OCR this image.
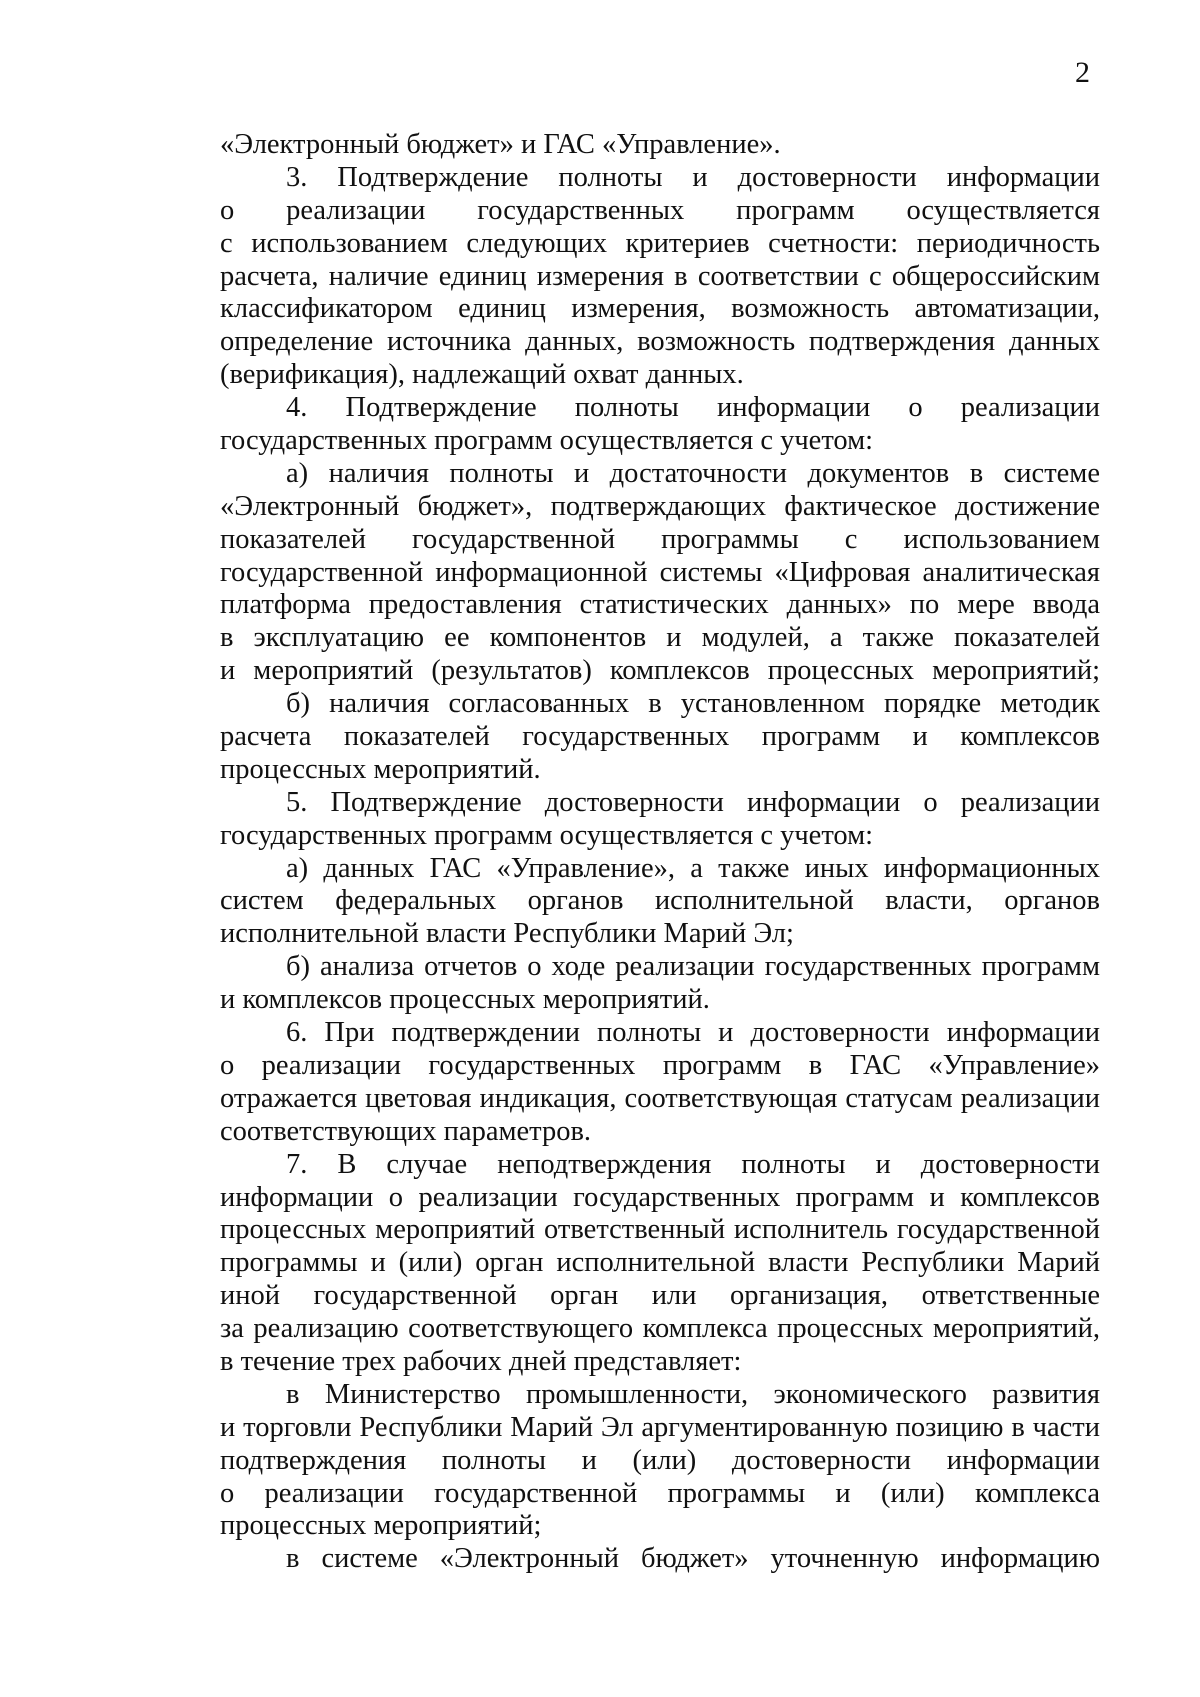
2
«Электронный бюджет» и ГАС «Управление».
3. Подтверждение полноты и достоверности информации
о реализации государственных программ осуществляется
с использованием следующих критериев счетности: периодичность
расчета, наличие единиц измерения в соответствии с общероссийским
классификатором единиц измерения, возможность автоматизации,
определение источника данных, возможность подтверждения данных
(верификация), надлежащий охват данных.
4. Подтверждение полноты информации о реализации
государственных программ осуществляется с учетом:
а) наличия полноты и достаточности документов в системе
«Электронный бюджет», подтверждающих фактическое достижение
показателей государственной программы с использованием
государственной информационной системы «Цифровая аналитическая
платформа предоставления статистических данных» по мере ввода
в эксплуатацию ее компонентов и модулей, а также показателей
и мероприятий (результатов) комплексов процессных мероприятий;
б) наличия согласованных в установленном порядке методик
расчета показателей государственных программ и комплексов
процессных мероприятий.
5. Подтверждение достоверности информации о реализации
государственных программ осуществляется с учетом:
а) данных ГАС «Управление», а также иных информационных
систем федеральных органов исполнительной власти, органов
исполнительной власти Республики Марий Эл;
б) анализа отчетов о ходе реализации государственных программ
и комплексов процессных мероприятий.
6. При подтверждении полноты и достоверности информации
о реализации государственных программ в ГАС «Управление»
отражается цветовая индикация, соответствующая статусам реализации
соответствующих параметров.
7. В случае неподтверждения полноты и достоверности
информации о реализации государственных программ и комплексов
процессных мероприятий ответственный исполнитель государственной
программы и (или) орган исполнительной власти Республики Марий
иной государственной орган или организация, ответственные
за реализацию соответствующего комплекса процессных мероприятий,
в течение трех рабочих дней представляет:
в Министерство промышленности, экономического развития
и торговли Республики Марий Эл аргументированную позицию в части
подтверждения полноты и (или) достоверности информации
о реализации государственной программы и (или) комплекса
процессных мероприятий;
в системе «Электронный бюджет» уточненную информацию
